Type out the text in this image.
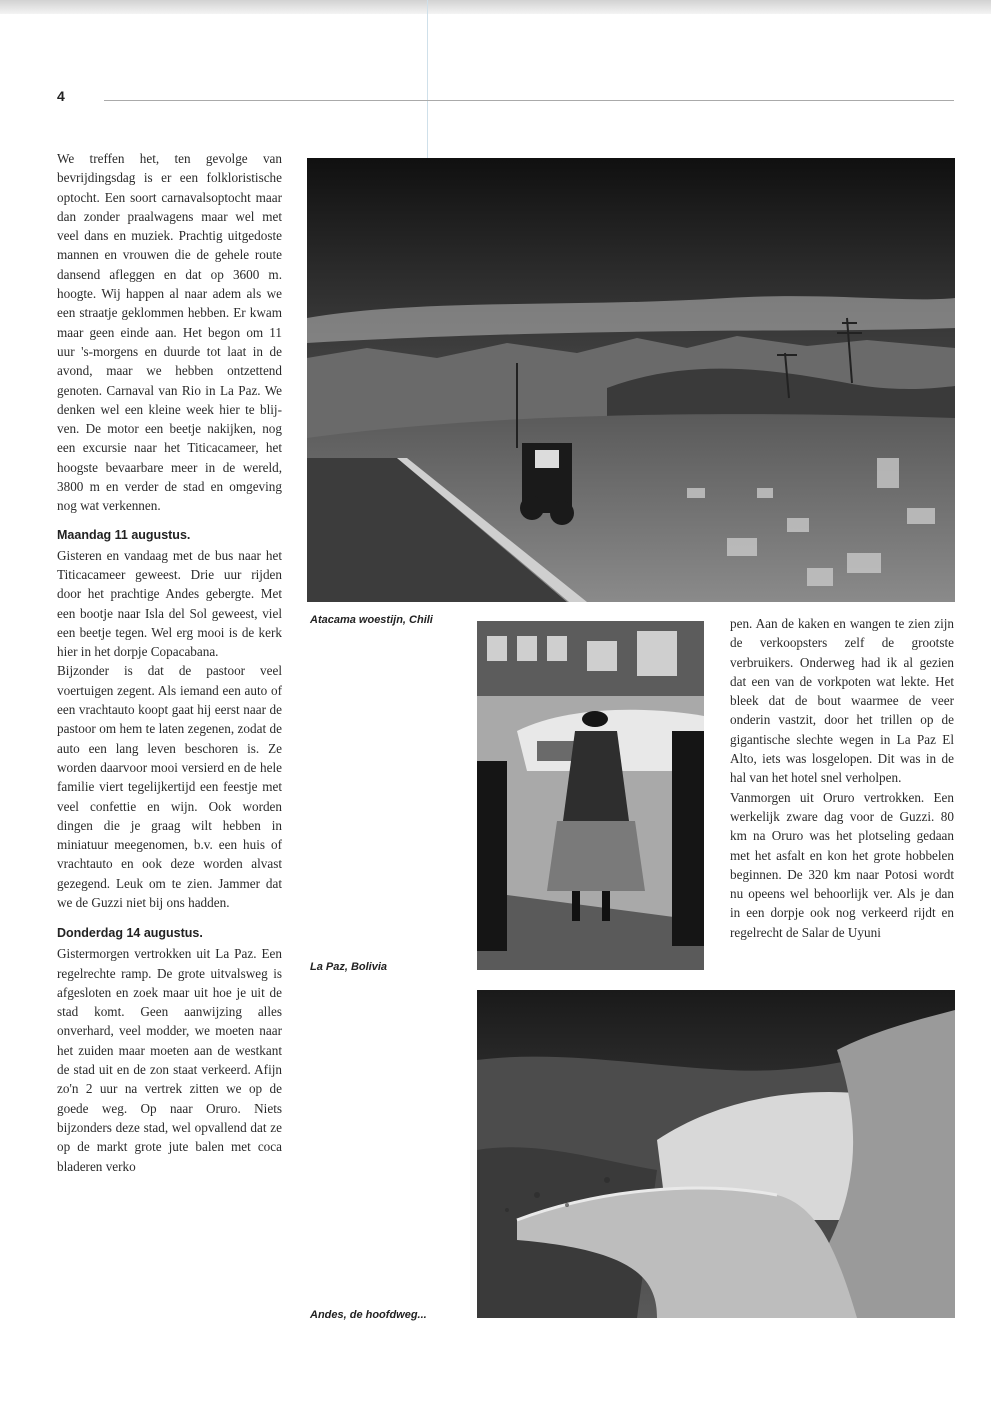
4

We treffen het, ten gevolge van bevrijdingsdag is er een folkloristische optocht. Een soort carnavalsoptocht maar dan zonder praalwagens maar wel met veel dans en muziek. Prachtig uitgedoste mannen en vrouwen die de gehele route dansend afleggen en dat op 3600 m. hoogte. Wij happen al naar adem als we een straatje geklommen hebben. Er kwam maar geen einde aan. Het begon om 11 uur 's-morgens en duurde tot laat in de avond, maar we hebben ontzettend genoten. Carnaval van Rio in La Paz. We denken wel een kleine week hier te blijven. De motor een beetje nakijken, nog een excursie naar het Titicacameer, het hoogste bevaarbare meer in de wereld, 3800 m en verder de stad en omgeving nog wat verkennen.

Maandag 11 augustus.

Gisteren en vandaag met de bus naar het Titicacameer geweest. Drie uur rijden door het prachtige Andes gebergte. Met een bootje naar Isla del Sol geweest, viel een beetje tegen. Wel erg mooi is de kerk hier in het dorpje Copacabana.

Bijzonder is dat de pastoor veel voertuigen zegent. Als iemand een auto of een vrachtauto koopt gaat hij eerst naar de pastoor om hem te laten zegenen, zodat de auto een lang leven beschoren is. Ze worden daarvoor mooi versierd en de hele familie viert tegelijkertijd een feestje met veel confettie en wijn. Ook worden dingen die je graag wilt hebben in miniatuur meegenomen, b.v. een huis of vrachtauto en ook deze worden alvast gezegend. Leuk om te zien. Jammer dat we de Guzzi niet bij ons hadden.

Donderdag 14 augustus.

Gistermorgen vertrokken uit La Paz. Een regelrechte ramp. De grote uitvalsweg is afgesloten en zoek maar uit hoe je uit de stad komt. Geen aanwijzing alles onverhard, veel modder, we moeten naar het zuiden maar moeten aan de westkant de stad uit en de zon staat verkeerd. Afijn zo'n 2 uur na vertrek zitten we op de goede weg. Op naar Oruro. Niets bijzonders deze stad, wel opvallend dat ze op de markt grote jute balen met coca bladeren verko

pen. Aan de kaken en wangen te zien zijn de verkoopsters zelf de grootste verbruikers. Onderweg had ik al gezien dat een van de vorkpoten wat lekte. Het bleek dat de bout waarmee de veer onderin vastzit, door het trillen op de gigantische slechte wegen in La Paz El Alto, iets was losgelopen. Dit was in de hal van het hotel snel verholpen.

Vanmorgen uit Oruro vertrokken. Een werkelijk zware dag voor de Guzzi. 80 km na Oruro was het plotseling gedaan met het asfalt en kon het grote hobbelen beginnen. De 320 km naar Potosi wordt nu opeens wel behoorlijk ver. Als je dan in een dorpje ook nog verkeerd rijdt en regelrecht de Salar de Uyuni

Atacama woestijn, Chili
La Paz, Bolivia
Andes, de hoofdweg...
